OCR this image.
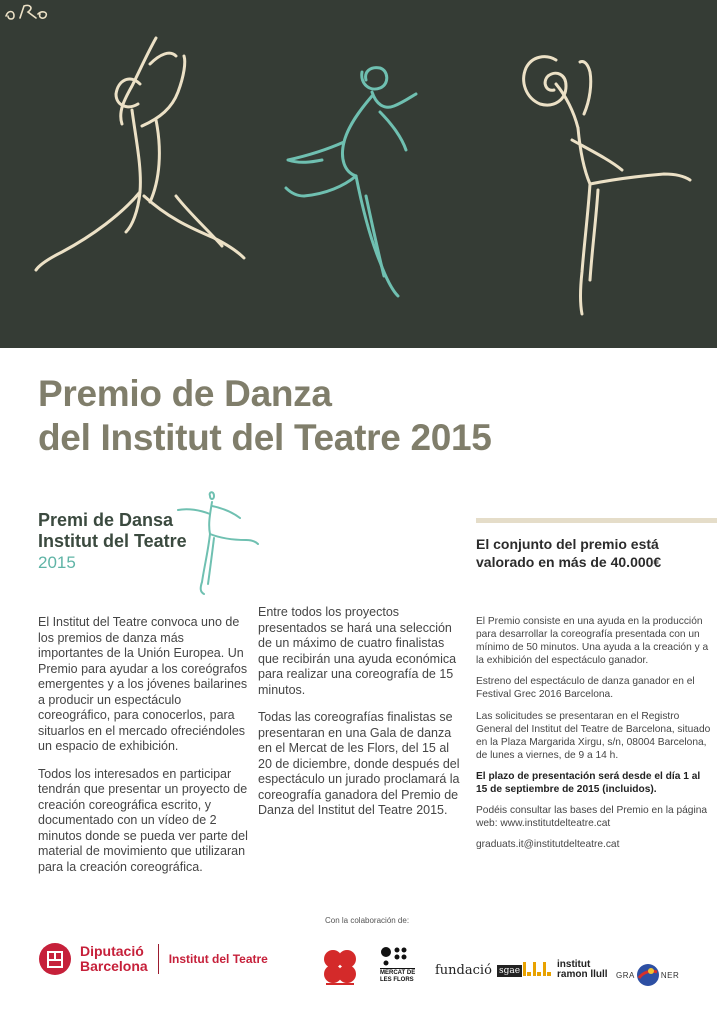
Premio de Danza
del Institut del Teatre 2015
Premi de Dansa
Institut del Teatre
2015
El conjunto del premio está valorado en más de 40.000€

El Institut del Teatre convoca uno de los premios de danza más importantes de la Unión Europea. Un Premio para ayudar a los coreógrafos emergentes y a los jóvenes bailarines a producir un espectáculo coreográfico, para conocerlos, para situarlos en el mercado ofreciéndoles un espacio de exhibición.

Todos los interesados en participar tendrán que presentar un proyecto de creación coreográfica escrito, y documentado con un vídeo de 2 minutos donde se pueda ver parte del material de movimiento que utilizaran para la creación coreográfica.

Entre todos los proyectos presentados se hará una selección de un máximo de cuatro finalistas que recibirán una ayuda económica para realizar una coreografía de 15 minutos.

Todas las coreografías finalistas se presentaran en una Gala de danza en el Mercat de les Flors, del 15 al 20 de diciembre, donde después del espectáculo un jurado proclamará la coreografía ganadora del Premio de Danza del Institut del Teatre 2015.

El Premio consiste en una ayuda en la producción para desarrollar la coreografía presentada con un mínimo de 50 minutos. Una ayuda a la creación y a la exhibición del espectáculo ganador.

Estreno del espectáculo de danza ganador en el Festival Grec 2016 Barcelona.

Las solicitudes se presentaran en el Registro General del Institut del Teatre de Barcelona, situado en la Plaza Margarida Xirgu, s/n, 08004 Barcelona, de lunes a viernes, de 9 a 14 h.

El plazo de presentación será desde el día 1 al 15 de septiembre de 2015 (incluidos).

Podéis consultar las bases del Premio en la página web: www.institutdelteatre.cat

graduats.it@institutdelteatre.cat

Con la colaboración de:
Diputació
Barcelona Institut del Teatre
MERCAT DE
LES FLORS
fundació sgae
institut
ramon llull GRA	NER
